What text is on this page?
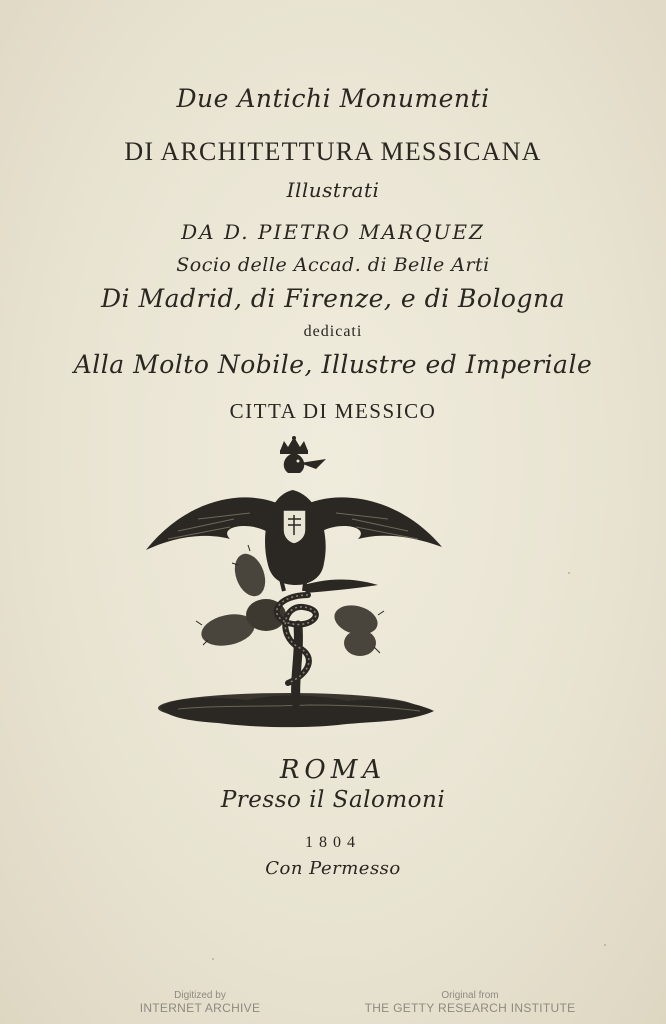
Due Antichi Monumenti
DI ARCHITETTURA MESSICANA
Illustrati
DA D. PIETRO MARQUEZ
Socio delle Accad. di Belle Arti
Di Madrid, di Firenze, e di Bologna
dedicati
Alla Molto Nobile, Illustre ed Imperiale
CITTA DI MESSICO
ROMA
Presso il Salomoni
1804
Con Permesso
Digitized by
INTERNET ARCHIVE
Original from
THE GETTY RESEARCH INSTITUTE
